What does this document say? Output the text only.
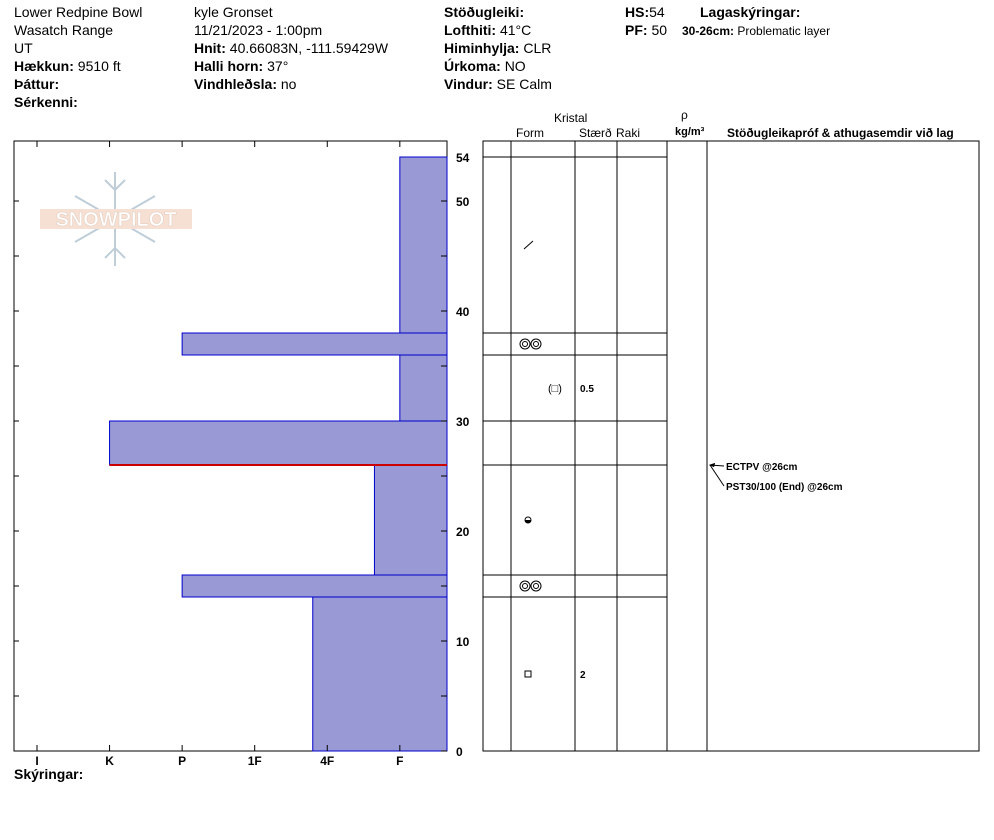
Lower Redpine Bowl
Wasatch Range
UT
Hækkun: 9510 ft
Þáttur:
Sérkenni:
kyle Gronset
11/21/2023 - 1:00pm
Hnit: 40.66083N, -111.59429W
Halli horn: 37°
Vindhleðsla: no
Stöðugleiki:
Lofthiti: 41°C
Himinhylja: CLR
Úrkoma: NO
Vindur: SE Calm
HS:54
PF: 50
Lagaskýringar:
30-26cm: Problematic layer
Kristal
Form	Stærð Raki
ρ
kg/m³ Stöðugleikapróf & athugasemdir við lag
Skýringar:
SNOWPILOT
I	K	P	1F	4F	F
0
10
20
30
40
50
54
(□) 0.5
2
ECTPV @26cm
PST30/100 (End) @26cm
